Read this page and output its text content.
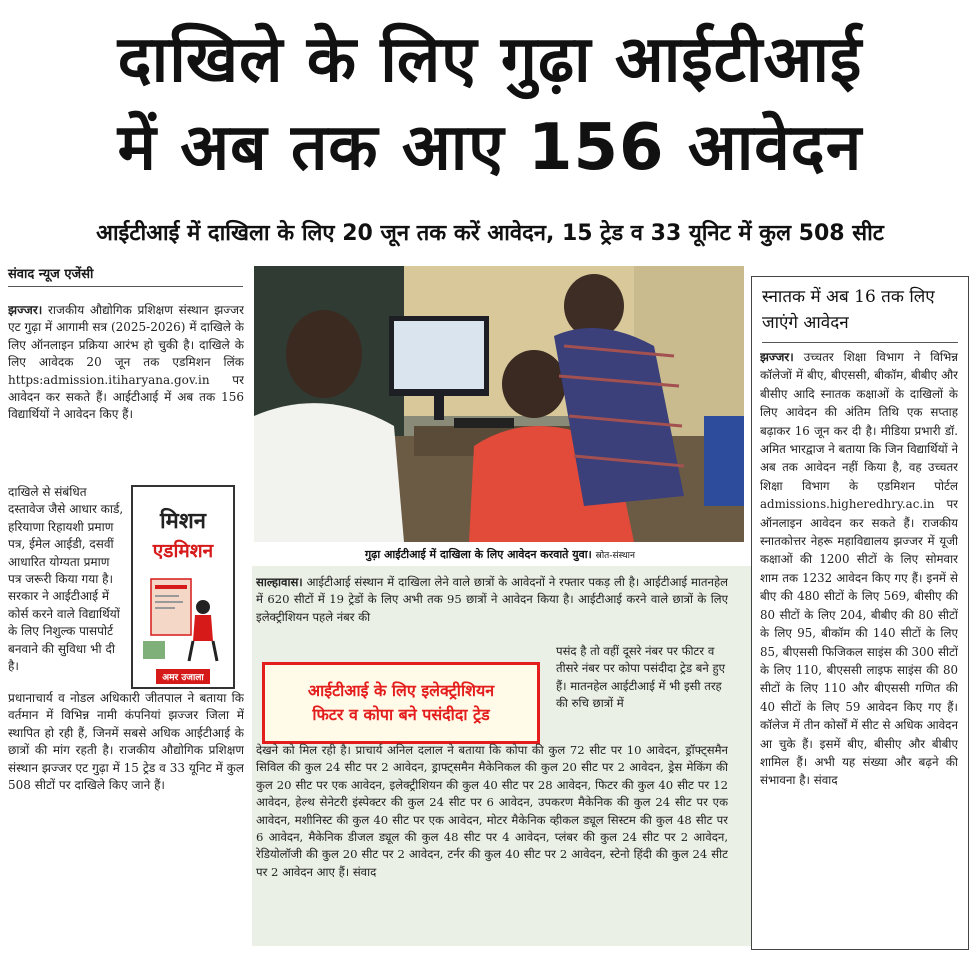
दाखिले के लिए गुढ़ा आईटीआई
में अब तक आए 156 आवेदन
आईटीआई में दाखिला के लिए 20 जून तक करें आवेदन, 15 ट्रेड व 33 यूनिट में कुल 508 सीट
संवाद न्यूज एजेंसी
झज्जर। राजकीय औद्योगिक प्रशिक्षण संस्थान झज्जर एट गुढ़ा में आगामी सत्र (2025-2026) में दाखिले के लिए ऑनलाइन प्रक्रिया आरंभ हो चुकी है। दाखिले के लिए आवेदक 20 जून तक एडमिशन लिंक https:admission.itiharyana.gov.in पर आवेदन कर सकते हैं। आईटीआई में अब तक 156 विद्यार्थियों ने आवेदन किए हैं।
दाखिले से संबंधित दस्तावेज जैसे आधार कार्ड, हरियाणा रिहायशी प्रमाण पत्र, ईमेल आईडी, दसवीं आधारित योग्यता प्रमाण पत्र जरूरी किया गया है। सरकार ने आईटीआई में कोर्स करने वाले विद्यार्थियों के लिए निशुल्क पासपोर्ट बनवाने की सुविधा भी दी है।
प्रधानाचार्य व नोडल अधिकारी जीतपाल ने बताया कि वर्तमान में विभिन्न नामी कंपनियां झज्जर जिला में स्थापित हो रही हैं, जिनमें सबसे अधिक आईटीआई के छात्रों की मांग रहती है। राजकीय औद्योगिक प्रशिक्षण संस्थान झज्जर एट गुढ़ा में 15 ट्रेड व 33 यूनिट में कुल 508 सीटों पर दाखिले किए जाने हैं।
मिशन
एडमिशन
अमर उजाला
गुढ़ा आईटीआई में दाखिला के लिए आवेदन करवाते युवा। स्रोत-संस्थान
साल्हावास। आईटीआई संस्थान में दाखिला लेने वाले छात्रों के आवेदनों ने रफ्तार पकड़ ली है। आईटीआई मातनहेल में 620 सीटों में 19 ट्रेडों के लिए अभी तक 95 छात्रों ने आवेदन किया है। आईटीआई करने वाले छात्रों के लिए इलेक्ट्रीशियन पहले नंबर की
आईटीआई के लिए इलेक्ट्रीशियन
फिटर व कोपा बने पसंदीदा ट्रेड
पसंद है तो वहीं दूसरे नंबर पर फीटर व तीसरे नंबर पर कोपा पसंदीदा ट्रेड बने हुए हैं। मातनहेल आईटीआई में भी इसी तरह की रुचि छात्रों में
देखने को मिल रही है। प्राचार्य अनिल दलाल ने बताया कि कोपा की कुल 72 सीट पर 10 आवेदन, ड्रॉफ्ट्समैन सिविल की कुल 24 सीट पर 2 आवेदन, ड्राफ्ट्समैन मैकेनिकल की कुल 20 सीट पर 2 आवेदन, ड्रेस मेकिंग की कुल 20 सीट पर एक आवेदन, इलेक्ट्रीशियन की कुल 40 सीट पर 28 आवेदन, फिटर की कुल 40 सीट पर 12 आवेदन, हेल्थ सेनेटरी इंस्पेक्टर की कुल 24 सीट पर 6 आवेदन, उपकरण मैकेनिक की कुल 24 सीट पर एक आवेदन, मशीनिस्ट की कुल 40 सीट पर एक आवेदन, मोटर मैकेनिक व्हीकल ड्यूल सिस्टम की कुल 48 सीट पर 6 आवेदन, मैकेनिक डीजल ड्यूल की कुल 48 सीट पर 4 आवेदन, प्लंबर की कुल 24 सीट पर 2 आवेदन, रेडियोलॉजी की कुल 20 सीट पर 2 आवेदन, टर्नर की कुल 40 सीट पर 2 आवेदन, स्टेनो हिंदी की कुल 24 सीट पर 2 आवेदन आए हैं। संवाद
स्नातक में अब 16 तक लिए जाएंगे आवेदन
झज्जर। उच्चतर शिक्षा विभाग ने विभिन्न कॉलेजों में बीए, बीएससी, बीकॉम, बीबीए और बीसीए आदि स्नातक कक्षाओं के दाखिलों के लिए आवेदन की अंतिम तिथि एक सप्ताह बढ़ाकर 16 जून कर दी है। मीडिया प्रभारी डॉ. अमित भारद्वाज ने बताया कि जिन विद्यार्थियों ने अब तक आवेदन नहीं किया है, वह उच्चतर शिक्षा विभाग के एडमिशन पोर्टल admissions.higheredhry.ac.in पर ऑनलाइन आवेदन कर सकते हैं। राजकीय स्नातकोत्तर नेहरू महाविद्यालय झज्जर में यूजी कक्षाओं की 1200 सीटों के लिए सोमवार शाम तक 1232 आवेदन किए गए हैं। इनमें से बीए की 480 सीटों के लिए 569, बीसीए की 80 सीटों के लिए 204, बीबीए की 80 सीटों के लिए 95, बीकॉम की 140 सीटों के लिए 85, बीएससी फिजिकल साइंस की 300 सीटों के लिए 110, बीएससी लाइफ साइंस की 80 सीटों के लिए 110 और बीएससी गणित की 40 सीटों के लिए 59 आवेदन किए गए हैं। कॉलेज में तीन कोर्सों में सीट से अधिक आवेदन आ चुके हैं। इसमें बीए, बीसीए और बीबीए शामिल हैं। अभी यह संख्या और बढ़ने की संभावना है। संवाद
